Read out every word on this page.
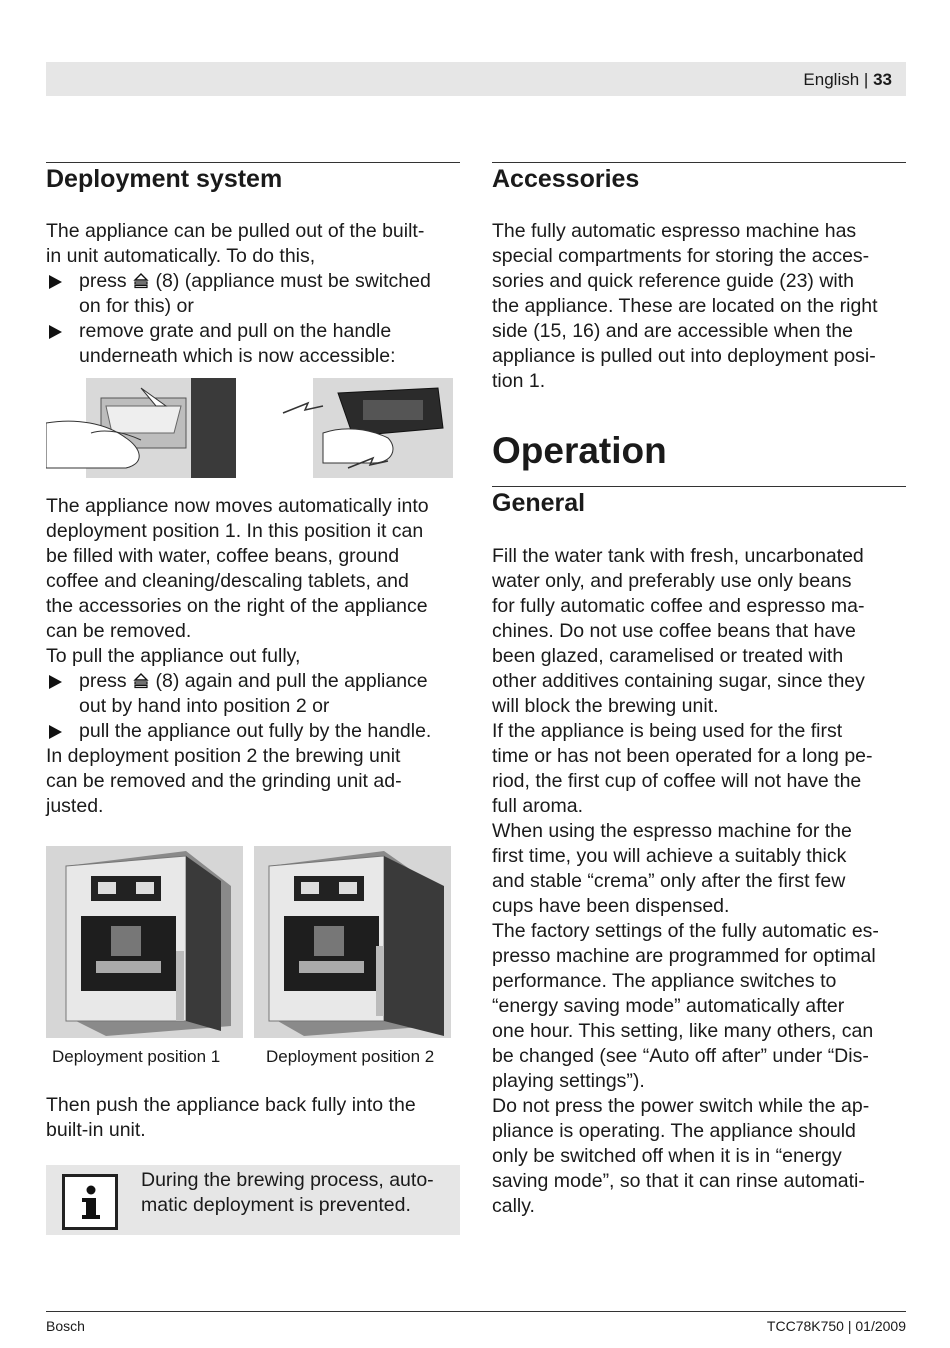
English | 33
Deployment system

The appliance can be pulled out of the built-

in unit automatically. To do this,

press  (8) (appliance must be switched
on for this) or
remove grate and pull on the handle
underneath which is now accessible:

The appliance now moves automatically into

deployment position 1. In this position it can

be filled with water, coffee beans, ground

coffee and cleaning/descaling tablets, and

the accessories on the right of the appliance

can be removed.

To pull the appliance out fully,

press  (8) again and pull the appliance
out by hand into position 2 or
pull the appliance out fully by the handle.

In deployment position 2 the brewing unit

can be removed and the grinding unit ad-

justed.

Deployment position 1	Deployment position 2

Then push the appliance back fully into the

built-in unit.

During the brewing process, auto-

matic deployment is prevented.

Accessories

The fully automatic espresso machine has

special compartments for storing the acces-

sories and quick reference guide (23) with

the appliance. These are located on the right

side (15, 16) and are accessible when the

appliance is pulled out into deployment posi-

tion 1.

Operation
General

Fill the water tank with fresh, uncarbonated

water only, and preferably use only beans

for fully automatic coffee and espresso ma-

chines. Do not use coffee beans that have

been glazed, caramelised or treated with

other additives containing sugar, since they

will block the brewing unit.

If the appliance is being used for the first

time or has not been operated for a long pe-

riod, the first cup of coffee will not have the

full aroma.

When using the espresso machine for the

first time, you will achieve a suitably thick

and stable “crema” only after the first few

cups have been dispensed.

The factory settings of the fully automatic es-

presso machine are programmed for optimal

performance. The appliance switches to

“energy saving mode” automatically after

one hour. This setting, like many others, can

be changed (see “Auto off after” under “Dis-

playing settings”).

Do not press the power switch while the ap-

pliance is operating. The appliance should

only be switched off when it is in “energy

saving mode”, so that it can rinse automati-

cally.

Bosch	TCC78K750 | 01/2009
